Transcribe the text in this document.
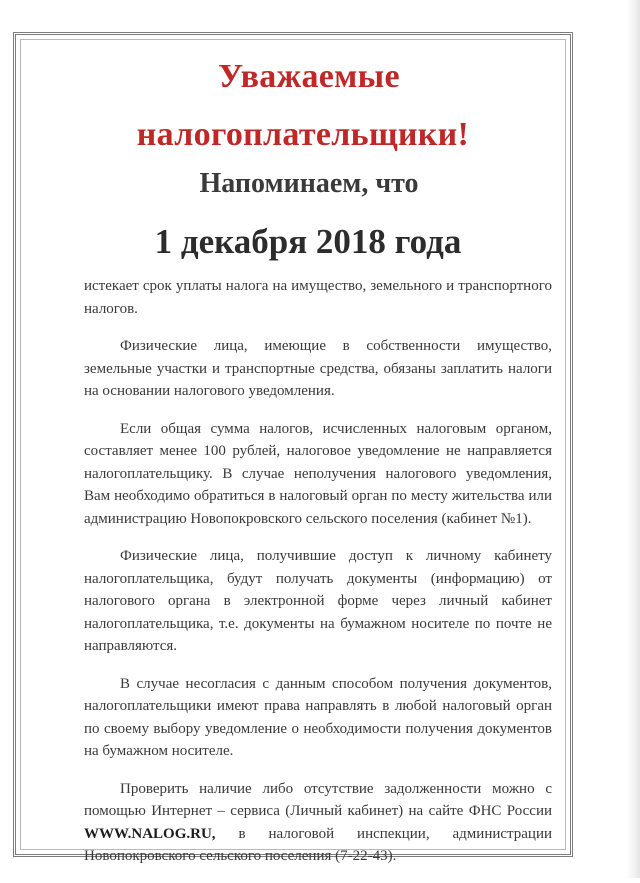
Уважаемые

налогоплательщики!

Напоминаем, что

1 декабря 2018 года

истекает срок уплаты налога на имущество, земельного и транспортного налогов.

Физические лица, имеющие в собственности имущество, земельные участки и транспортные средства, обязаны заплатить налоги на основании налогового уведомления.

Если общая сумма налогов, исчисленных налоговым органом, составляет менее 100 рублей, налоговое уведомление не направляется налогоплательщику. В случае неполучения налогового уведомления, Вам необходимо обратиться в налоговый орган по месту жительства или администрацию Новопокровского сельского поселения (кабинет №1).

Физические лица, получившие доступ к личному кабинету налогоплательщика, будут получать документы (информацию) от налогового органа в электронной форме через личный кабинет налогоплательщика, т.е. документы на бумажном носителе по почте не направляются.

В случае несогласия с данным способом получения документов, налогоплательщики имеют права направлять в любой налоговый орган по своему выбору уведомление о необходимости получения документов на бумажном носителе.

Проверить наличие либо отсутствие задолженности можно с помощью Интернет – сервиса (Личный кабинет) на сайте ФНС России WWW.NALOG.RU, в налоговой инспекции, администрации Новопокровского сельского поселения (7-22-43).
